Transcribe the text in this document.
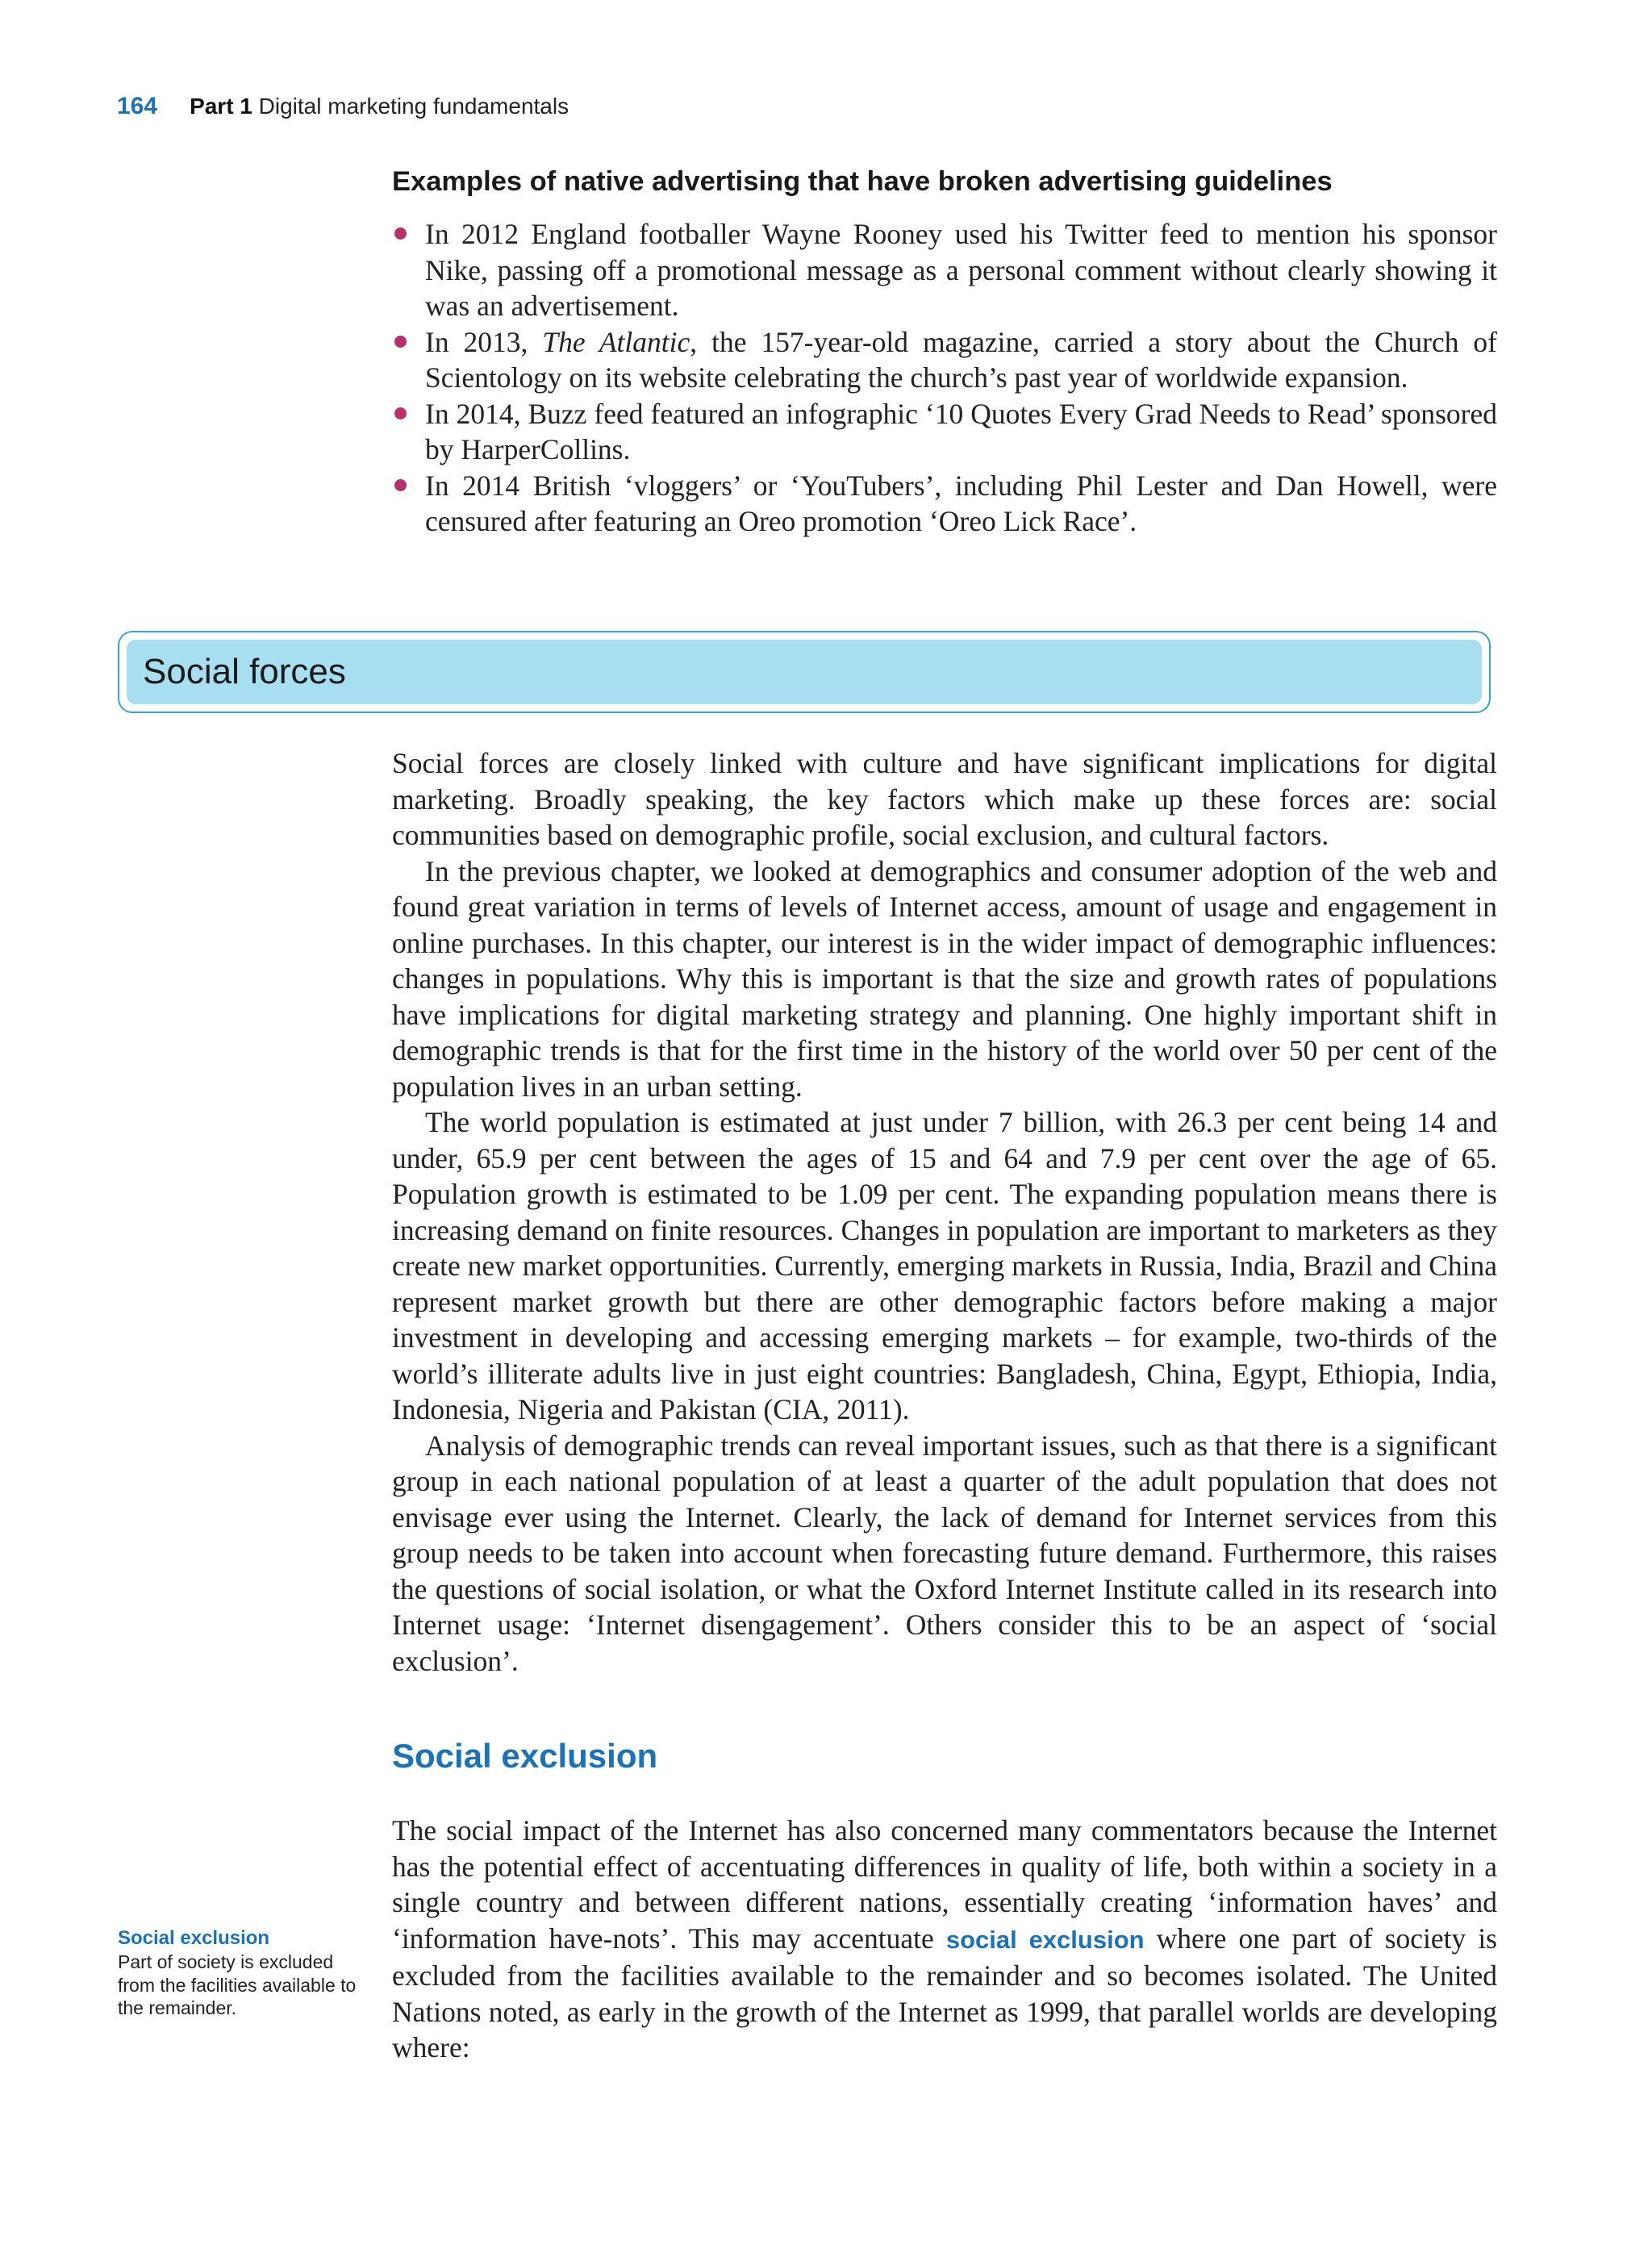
164 Part 1 Digital marketing fundamentals
Examples of native advertising that have broken advertising guidelines
In 2012 England footballer Wayne Rooney used his Twitter feed to mention his sponsor Nike, passing off a promotional message as a personal comment without clearly showing it was an advertisement.
In 2013, The Atlantic, the 157-year-old magazine, carried a story about the Church of Scientology on its website celebrating the church’s past year of worldwide expansion.
In 2014, Buzz feed featured an infographic ‘10 Quotes Every Grad Needs to Read’ sponsored by HarperCollins.
In 2014 British ‘vloggers’ or ‘YouTubers’, including Phil Lester and Dan Howell, were censured after featuring an Oreo promotion ‘Oreo Lick Race’.
Social forces

Social forces are closely linked with culture and have significant implications for digital marketing. Broadly speaking, the key factors which make up these forces are: social communities based on demographic profile, social exclusion, and cultural factors.

In the previous chapter, we looked at demographics and consumer adoption of the web and found great variation in terms of levels of Internet access, amount of usage and engagement in online purchases. In this chapter, our interest is in the wider impact of demographic influences: changes in populations. Why this is important is that the size and growth rates of populations have implications for digital marketing strategy and planning. One highly important shift in demographic trends is that for the first time in the history of the world over 50 per cent of the population lives in an urban setting.

The world population is estimated at just under 7 billion, with 26.3 per cent being 14 and under, 65.9 per cent between the ages of 15 and 64 and 7.9 per cent over the age of 65. Population growth is estimated to be 1.09 per cent. The expanding population means there is increasing demand on finite resources. Changes in population are important to marketers as they create new market opportunities. Currently, emerging markets in Russia, India, Brazil and China represent market growth but there are other demographic factors before making a major investment in developing and accessing emerging markets – for example, two-thirds of the world’s illiterate adults live in just eight countries: Bangladesh, China, Egypt, Ethiopia, India, Indonesia, Nigeria and Pakistan (CIA, 2011).

Analysis of demographic trends can reveal important issues, such as that there is a significant group in each national population of at least a quarter of the adult population that does not envisage ever using the Internet. Clearly, the lack of demand for Internet services from this group needs to be taken into account when forecasting future demand. Furthermore, this raises the questions of social isolation, or what the Oxford Internet Institute called in its research into Internet usage: ‘Internet disengagement’. Others consider this to be an aspect of ‘social exclusion’.

Social exclusion

The social impact of the Internet has also concerned many commentators because the Internet has the potential effect of accentuating differences in quality of life, both within a society in a single country and between different nations, essentially creating ‘information haves’ and ‘information have-nots’. This may accentuate social exclusion where one part of society is excluded from the facilities available to the remainder and so becomes isolated. The United Nations noted, as early in the growth of the Internet as 1999, that parallel worlds are developing where:

Social exclusion
Part of society is excluded from the facilities available to the remainder.
